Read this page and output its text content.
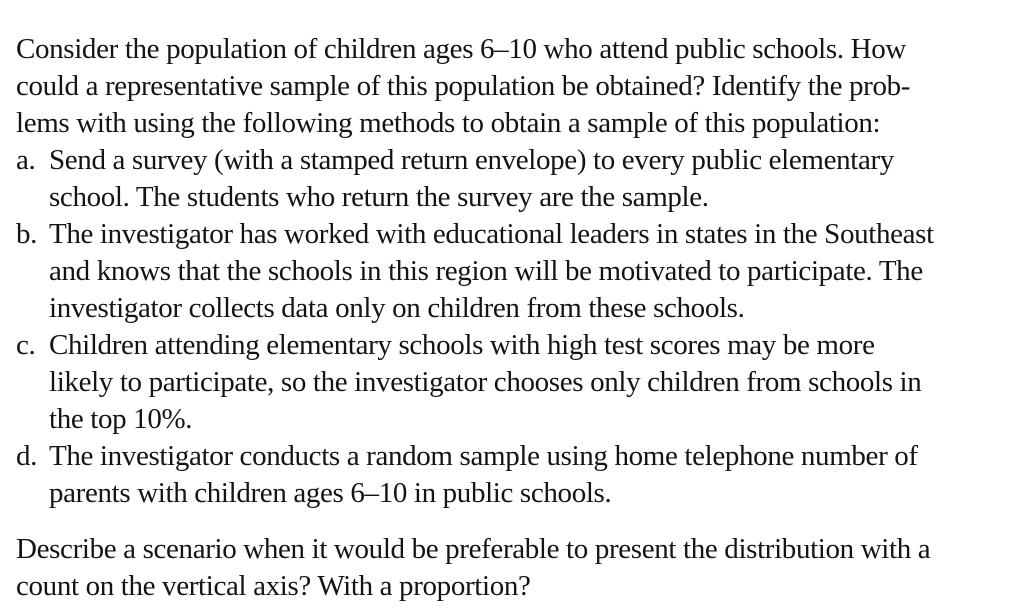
Consider the population of children ages 6–10 who attend public schools. How
could a representative sample of this population be obtained? Identify the prob-
lems with using the following methods to obtain a sample of this population:
a. Send a survey (with a stamped return envelope) to every public elementary
school. The students who return the survey are the sample.
b. The investigator has worked with educational leaders in states in the Southeast
and knows that the schools in this region will be motivated to participate. The
investigator collects data only on children from these schools.
c. Children attending elementary schools with high test scores may be more
likely to participate, so the investigator chooses only children from schools in
the top 10%.
d. The investigator conducts a random sample using home telephone number of
parents with children ages 6–10 in public schools.
Describe a scenario when it would be preferable to present the distribution with a
count on the vertical axis? With a proportion?
